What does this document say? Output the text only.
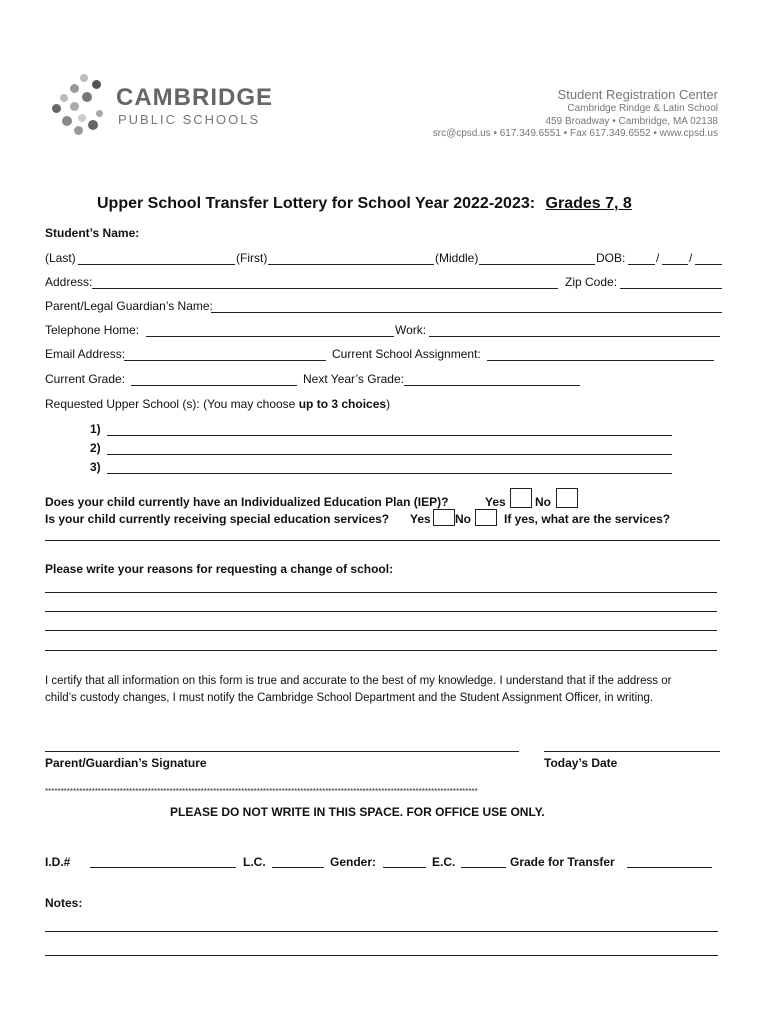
CAMBRIDGE
PUBLIC SCHOOLS
Student Registration Center
Cambridge Rindge & Latin School
459 Broadway • Cambridge, MA 02138
src@cpsd.us • 617.349.6551 • Fax 617.349.6552 • www.cpsd.us
Upper School Transfer Lottery for School Year 2022-2023: Grades 7, 8
Student’s Name:
(Last)	(First)	(Middle)	DOB:	/ /
Address:	Zip Code:
Parent/Legal Guardian’s Name:
Telephone Home:	Work:
Email Address:	Current School Assignment:
Current Grade:	Next Year’s Grade:
Requested Upper School (s): (You may choose up to 3 choices)
1)
2)
3)
Does your child currently have an Individualized Education Plan (IEP)?	Yes No
Is your child currently receiving special education services? Yes No	If yes, what are the services?
Please write your reasons for requesting a change of school:
I certify that all information on this form is true and accurate to the best of my knowledge. I understand that if the address or
child’s custody changes, I must notify the Cambridge School Department and the Student Assignment Officer, in writing.
Parent/Guardian’s Signature	Today’s Date
*******************************************************************************************************************************************
PLEASE DO NOT WRITE IN THIS SPACE. FOR OFFICE USE ONLY.
I.D.#	L.C.	Gender:	E.C.	Grade for Transfer
Notes:
